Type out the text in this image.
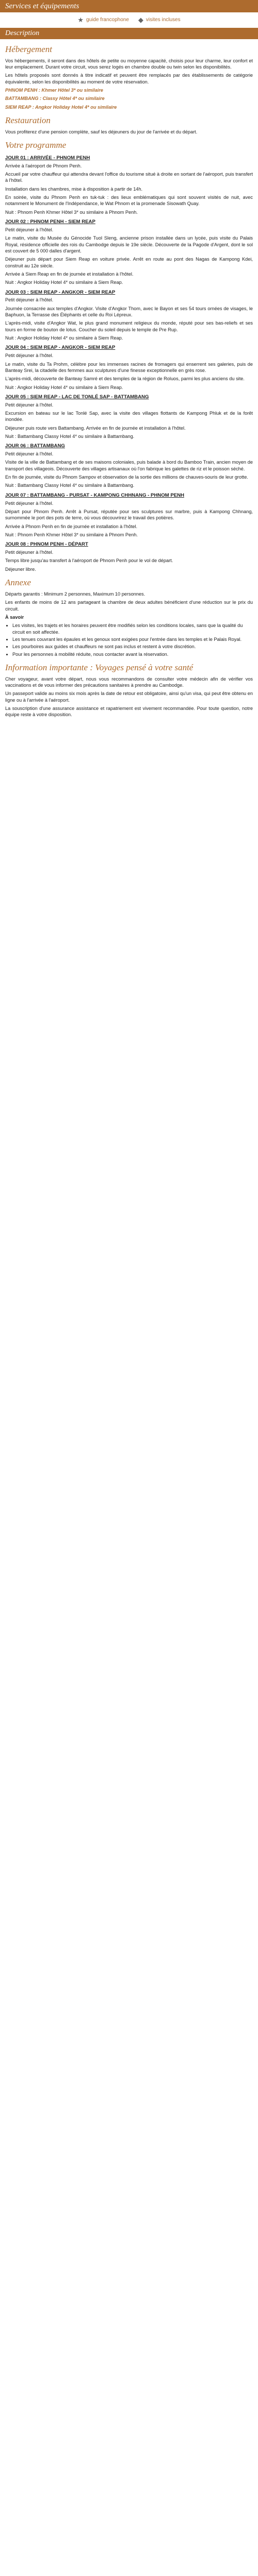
Services et équipements
★ guide francophone ◆ visites incluses
Description
Hébergement

Vos hébergements, il seront dans des hôtels de petite ou moyenne capacité, choisis pour leur charme, leur confort et leur emplacement. Durant votre circuit, vous serez logés en chambre double ou twin selon les disponibilités.

Les hôtels proposés sont donnés à titre indicatif et peuvent être remplacés par des établissements de catégorie équivalente, selon les disponibilités au moment de votre réservation.

PHNOM PENH : Khmer Hôtel 3* ou similaire

BATTAMBANG : Classy Hôtel 4* ou similaire

SIEM REAP : Angkor Holiday Hotel 4* ou similaire

Restauration

Vous profiterez d'une pension complète, sauf les déjeuners du jour de l'arrivée et du départ.

Votre programme
JOUR 01 : ARRIVÉE - PHNOM PENH

Arrivée à l'aéroport de Phnom Penh.

Accueil par votre chauffeur qui attendra devant l'office du tourisme situé à droite en sortant de l'aéroport, puis transfert à l'hôtel.

Installation dans les chambres, mise à disposition à partir de 14h.

En soirée, visite du Phnom Penh en tuk-tuk : des lieux emblématiques qui sont souvent visités de nuit, avec notamment le Monument de l'Indépendance, le Wat Phnom et la promenade Sisowath Quay.

Nuit : Phnom Penh Khmer Hôtel 3* ou similaire à Phnom Penh.

JOUR 02 : PHNOM PENH - SIEM REAP

Petit déjeuner à l'hôtel.

Le matin, visite du Musée du Génocide Tuol Sleng, ancienne prison installée dans un lycée, puis visite du Palais Royal, résidence officielle des rois du Cambodge depuis le 19e siècle. Découverte de la Pagode d'Argent, dont le sol est couvert de 5 000 dalles d'argent.

Déjeuner puis départ pour Siem Reap en voiture privée. Arrêt en route au pont des Nagas de Kampong Kdei, construit au 12e siècle.

Arrivée à Siem Reap en fin de journée et installation à l'hôtel.

Nuit : Angkor Holiday Hotel 4* ou similaire à Siem Reap.

JOUR 03 : SIEM REAP - ANGKOR - SIEM REAP

Petit déjeuner à l'hôtel.

Journée consacrée aux temples d'Angkor. Visite d'Angkor Thom, avec le Bayon et ses 54 tours ornées de visages, le Baphuon, la Terrasse des Éléphants et celle du Roi Lépreux.

L'après-midi, visite d'Angkor Wat, le plus grand monument religieux du monde, réputé pour ses bas-reliefs et ses tours en forme de bouton de lotus. Coucher du soleil depuis le temple de Pre Rup.

Nuit : Angkor Holiday Hotel 4* ou similaire à Siem Reap.

JOUR 04 : SIEM REAP - ANGKOR - SIEM REAP

Petit déjeuner à l'hôtel.

Le matin, visite du Ta Prohm, célèbre pour les immenses racines de fromagers qui enserrent ses galeries, puis de Banteay Srei, la citadelle des femmes aux sculptures d'une finesse exceptionnelle en grès rose.

L'après-midi, découverte de Banteay Samré et des temples de la région de Roluos, parmi les plus anciens du site.

Nuit : Angkor Holiday Hotel 4* ou similaire à Siem Reap.

JOUR 05 : SIEM REAP - LAC DE TONLÉ SAP - BATTAMBANG

Petit déjeuner à l'hôtel.

Excursion en bateau sur le lac Tonlé Sap, avec la visite des villages flottants de Kampong Phluk et de la forêt inondée.

Déjeuner puis route vers Battambang. Arrivée en fin de journée et installation à l'hôtel.

Nuit : Battambang Classy Hotel 4* ou similaire à Battambang.

JOUR 06 : BATTAMBANG

Petit déjeuner à l'hôtel.

Visite de la ville de Battambang et de ses maisons coloniales, puis balade à bord du Bamboo Train, ancien moyen de transport des villageois. Découverte des villages artisanaux où l'on fabrique les galettes de riz et le poisson séché.

En fin de journée, visite du Phnom Sampov et observation de la sortie des millions de chauves-souris de leur grotte.

Nuit : Battambang Classy Hotel 4* ou similaire à Battambang.

JOUR 07 : BATTAMBANG - PURSAT - KAMPONG CHHNANG - PHNOM PENH

Petit déjeuner à l'hôtel.

Départ pour Phnom Penh. Arrêt à Pursat, réputée pour ses sculptures sur marbre, puis à Kampong Chhnang, surnommée le port des pots de terre, où vous découvrirez le travail des potières.

Arrivée à Phnom Penh en fin de journée et installation à l'hôtel.

Nuit : Phnom Penh Khmer Hôtel 3* ou similaire à Phnom Penh.

JOUR 08 : PHNOM PENH - DÉPART

Petit déjeuner à l'hôtel.

Temps libre jusqu'au transfert à l'aéroport de Phnom Penh pour le vol de départ.

Déjeuner libre.

Annexe

Départs garantis : Minimum 2 personnes, Maximum 10 personnes.

Les enfants de moins de 12 ans partageant la chambre de deux adultes bénéficient d'une réduction sur le prix du circuit.

À savoir

• Les visites, les trajets et les horaires peuvent être modifiés selon les conditions locales, sans que la qualité du circuit en soit affectée.
• Les tenues couvrant les épaules et les genoux sont exigées pour l'entrée dans les temples et le Palais Royal.
• Les pourboires aux guides et chauffeurs ne sont pas inclus et restent à votre discrétion.
• Pour les personnes à mobilité réduite, nous contacter avant la réservation.
Information importante : Voyages pensé à votre santé

Cher voyageur, avant votre départ, nous vous recommandons de consulter votre médecin afin de vérifier vos vaccinations et de vous informer des précautions sanitaires à prendre au Cambodge.

Un passeport valide au moins six mois après la date de retour est obligatoire, ainsi qu'un visa, qui peut être obtenu en ligne ou à l'arrivée à l'aéroport.

La souscription d'une assurance assistance et rapatriement est vivement recommandée. Pour toute question, notre équipe reste à votre disposition.
